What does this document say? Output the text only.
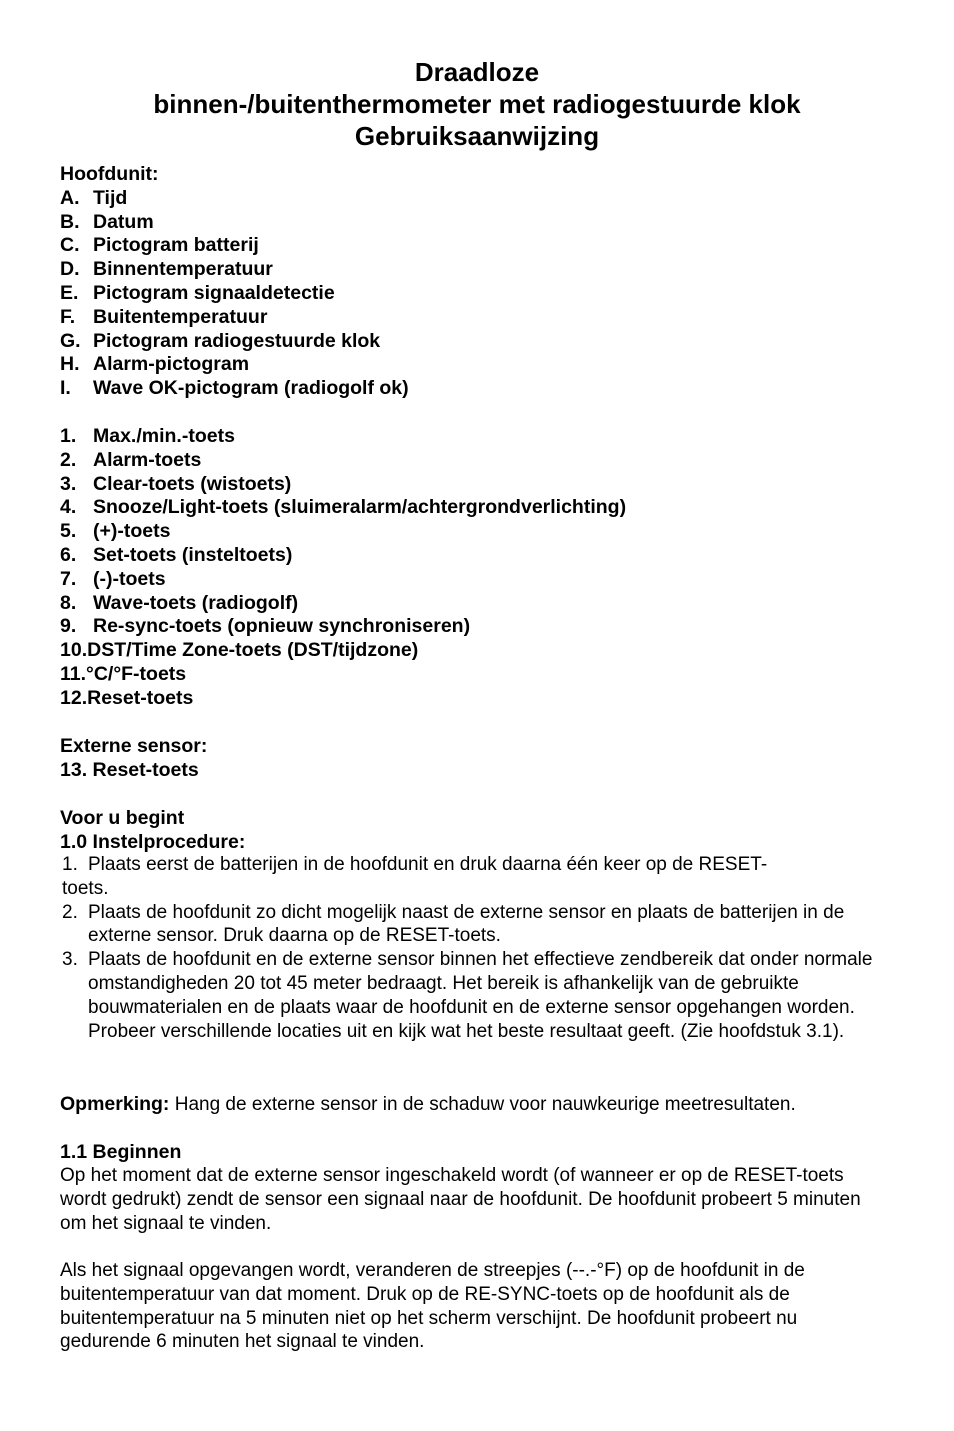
Draadloze
binnen-/buitenthermometer met radiogestuurde klok
Gebruiksaanwijzing
Hoofdunit:
A. Tijd
B. Datum
C. Pictogram batterij
D. Binnentemperatuur
E. Pictogram signaaldetectie
F. Buitentemperatuur
G. Pictogram radiogestuurde klok
H. Alarm-pictogram
I.	Wave OK-pictogram (radiogolf ok)
1. Max./min.-toets
2. Alarm-toets
3. Clear-toets (wistoets)
4. Snooze/Light-toets (sluimeralarm/achtergrondverlichting)
5. (+)-toets
6. Set-toets (insteltoets)
7. (-)-toets
8. Wave-toets (radiogolf)
9. Re-sync-toets (opnieuw synchroniseren)
10.DST/Time Zone-toets (DST/tijdzone)
11.°C/°F-toets
12.Reset-toets
Externe sensor:
13. Reset-toets
Voor u begint
1.0 Instelprocedure:
1. Plaats eerst de batterijen in de hoofdunit en druk daarna één keer op de RESET-
toets.
2. Plaats de hoofdunit zo dicht mogelijk naast de externe sensor en plaats de batterijen in de externe sensor. Druk daarna op de RESET-toets.
3. Plaats de hoofdunit en de externe sensor binnen het effectieve zendbereik dat onder normale omstandigheden 20 tot 45 meter bedraagt. Het bereik is afhankelijk van de gebruikte bouwmaterialen en de plaats waar de hoofdunit en de externe sensor opgehangen worden. Probeer verschillende locaties uit en kijk wat het beste resultaat geeft. (Zie hoofdstuk 3.1).
Opmerking: Hang de externe sensor in de schaduw voor nauwkeurige meetresultaten.
1.1 Beginnen
Op het moment dat de externe sensor ingeschakeld wordt (of wanneer er op de RESET-toets wordt gedrukt) zendt de sensor een signaal naar de hoofdunit. De hoofdunit probeert 5 minuten om het signaal te vinden.
Als het signaal opgevangen wordt, veranderen de streepjes (--.-°F) op de hoofdunit in de buitentemperatuur van dat moment. Druk op de RE-SYNC-toets op de hoofdunit als de buitentemperatuur na 5 minuten niet op het scherm verschijnt. De hoofdunit probeert nu gedurende 6 minuten het signaal te vinden.
